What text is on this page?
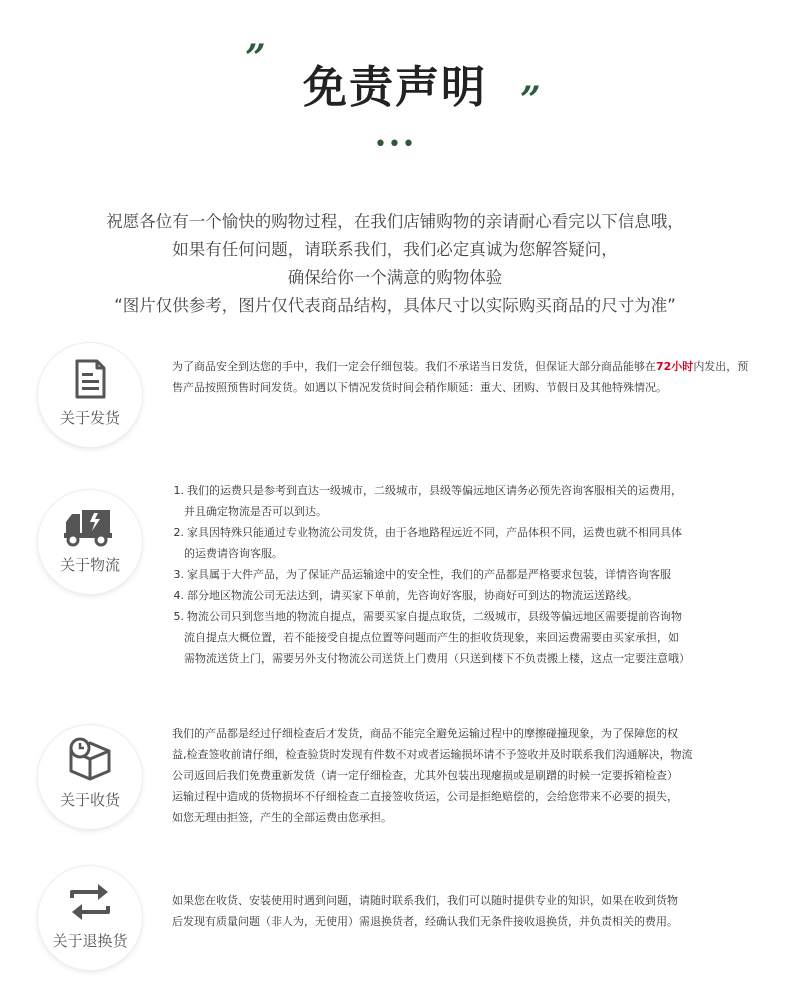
”
免责声明 ”
•••
祝愿各位有一个愉快的购物过程，在我们店铺购物的亲请耐心看完以下信息哦，
如果有任何问题，请联系我们，我们必定真诚为您解答疑问，
确保给你一个满意的购物体验
“图片仅供参考，图片仅代表商品结构，具体尺寸以实际购买商品的尺寸为准”
关于发货

为了商品安全到达您的手中，我们一定会仔细包装。我们不承诺当日发货，但保证大部分商品能够在72小时内发出，预售产品按照预售时间发货。如遇以下情况发货时间会稍作顺延：重大、团购、节假日及其他特殊情况。

关于物流
1. 我们的运费只是参考到直达一级城市，二级城市，县级等偏远地区请务必预先咨询客服相关的运费用，
并且确定物流是否可以到达。
2. 家具因特殊只能通过专业物流公司发货，由于各地路程远近不同，产品体积不同，运费也就不相同具体
的运费请咨询客服。
3. 家具属于大件产品，为了保证产品运输途中的安全性，我们的产品都是严格要求包装，详情咨询客服
4. 部分地区物流公司无法达到，请买家下单前，先咨询好客服，协商好可到达的物流运送路线。
5. 物流公司只到您当地的物流自提点，需要买家自提点取货，二级城市，县级等偏远地区需要提前咨询物
流自提点大概位置，若不能接受自提点位置等问题而产生的拒收货现象，来回运费需要由买家承担，如
需物流送货上门，需要另外支付物流公司送货上门费用（只送到楼下不负责搬上楼，这点一定要注意哦）
关于收货
我们的产品都是经过仔细检查后才发货，商品不能完全避免运输过程中的摩擦碰撞现象，为了保障您的权
益,检查签收前请仔细，检查验货时发现有件数不对或者运输损坏请不予签收并及时联系我们沟通解决，物流
公司返回后我们免费重新发货（请一定仔细检查，尤其外包装出现瘪损或是刷蹭的时候一定要拆箱检查）
运输过程中造成的货物损坏不仔细检查二直接签收货运，公司是拒绝赔偿的，会给您带来不必要的损失，
如您无理由拒签，产生的全部运费由您承担。
关于退换货
如果您在收货、安装使用时遇到问题，请随时联系我们，我们可以随时提供专业的知识，如果在收到货物
后发现有质量问题（非人为，无使用）需退换货者，经确认我们无条件接收退换货，并负责相关的费用。
